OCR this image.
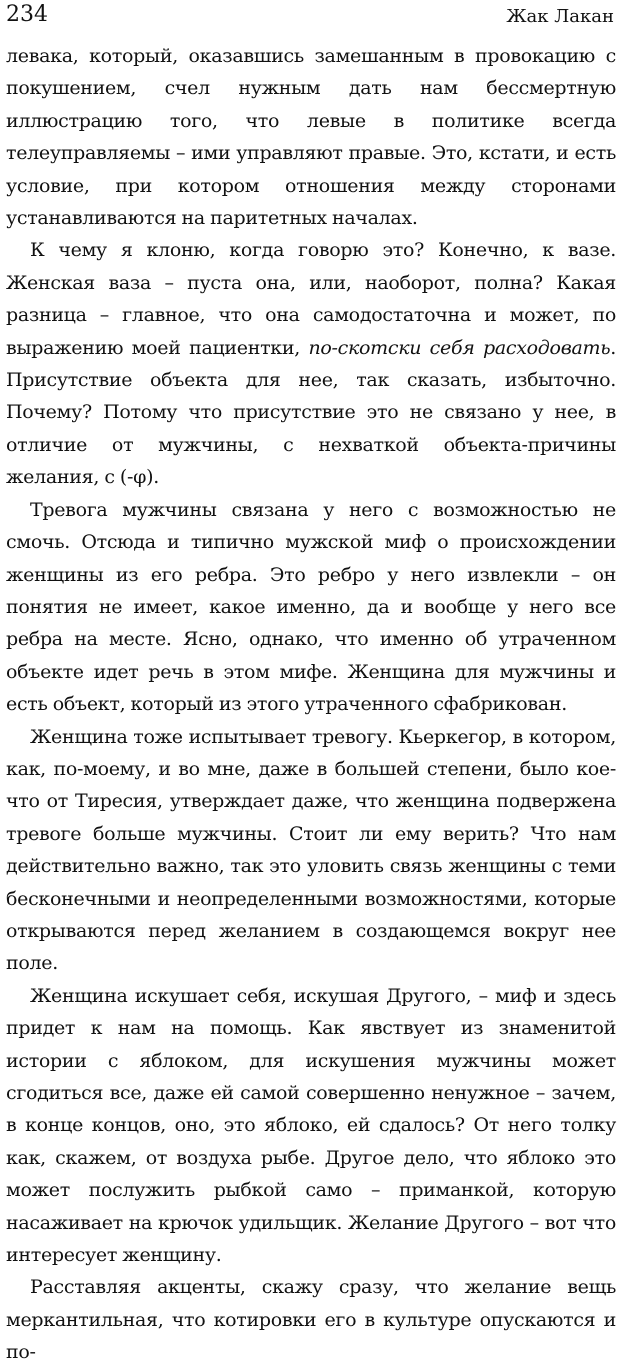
234	Жак Лакан

левака, который, оказавшись замешанным в провокацию с покушением, счел нужным дать нам бессмертную иллюстрацию того, что левые в политике всегда телеуправляемы – ими управляют правые. Это, кстати, и есть условие, при котором отношения между сторонами устанавливаются на паритетных началах.

К чему я клоню, когда говорю это? Конечно, к вазе. Женская ваза – пуста она, или, наоборот, полна? Какая разница – главное, что она самодостаточна и может, по выражению моей пациентки, по-скотски себя расходовать. Присутствие объекта для нее, так сказать, избыточно. Почему? Потому что присутствие это не связано у нее, в отличие от мужчины, с нехваткой объекта-причины желания, с (-φ).

Тревога мужчины связана у него с возможностью не смочь. Отсюда и типично мужской миф о происхождении женщины из его ребра. Это ребро у него извлекли – он понятия не имеет, какое именно, да и вообще у него все ребра на месте. Ясно, однако, что именно об утраченном объекте идет речь в этом мифе. Женщина для мужчины и есть объект, который из этого утраченного сфабрикован.

Женщина тоже испытывает тревогу. Кьеркегор, в котором, как, по-моему, и во мне, даже в большей степени, было кое-что от Тиресия, утверждает даже, что женщина подвержена тревоге больше мужчины. Стоит ли ему верить? Что нам действительно важно, так это уловить связь женщины с теми бесконечными и неопределенными возможностями, которые открываются перед желанием в создающемся вокруг нее поле.

Женщина искушает себя, искушая Другого, – миф и здесь придет к нам на помощь. Как явствует из знаменитой истории с яблоком, для искушения мужчины может сгодиться все, даже ей самой совершенно ненужное – зачем, в конце концов, оно, это яблоко, ей сдалось? От него толку как, скажем, от воздуха рыбе. Другое дело, что яблоко это может послужить рыбкой само – приманкой, которую насаживает на крючок удильщик. Желание Другого – вот что интересует женщину.

Расставляя акценты, скажу сразу, что желание вещь меркантильная, что котировки его в культуре опускаются и по-
